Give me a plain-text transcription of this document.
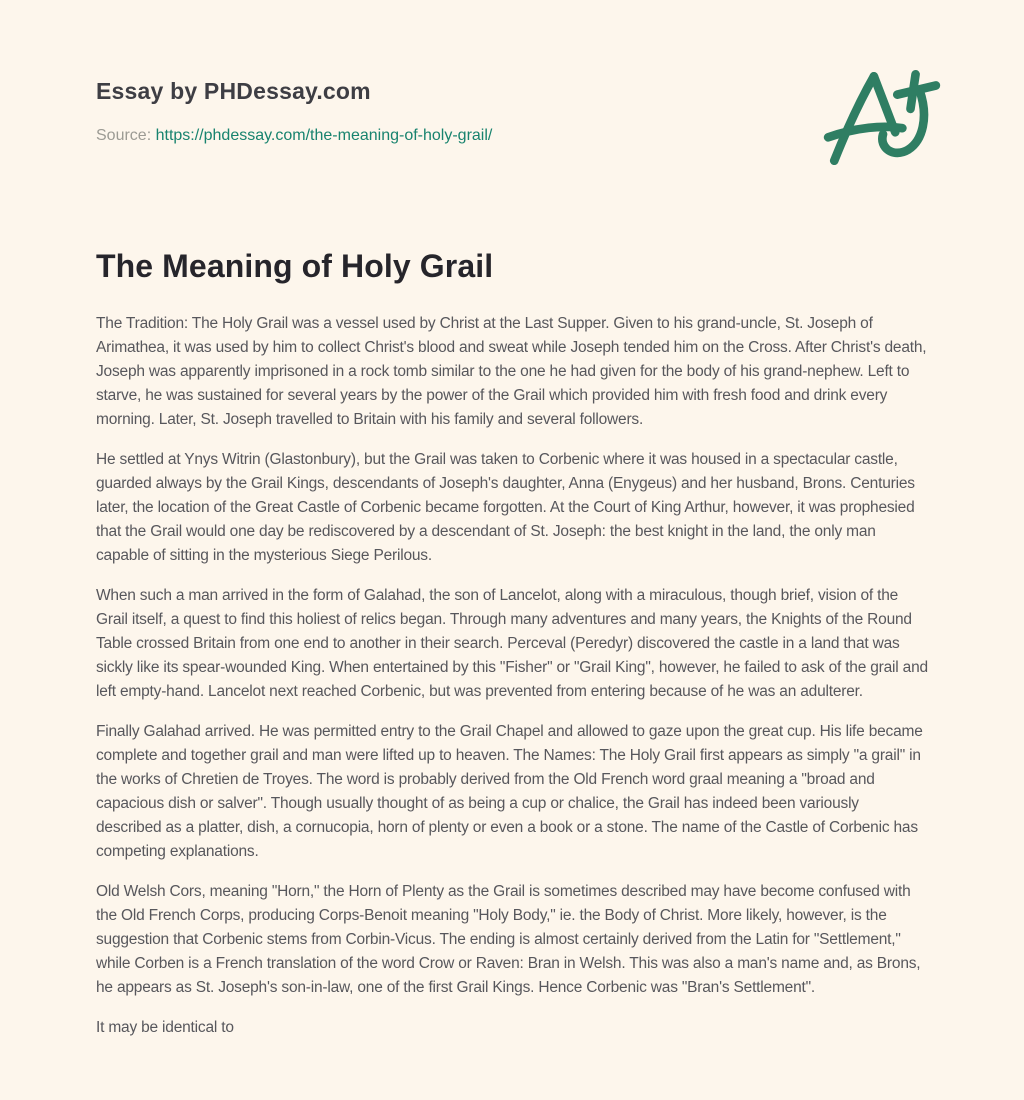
Essay by PHDessay.com
Source: https://phdessay.com/the-meaning-of-holy-grail/
The Meaning of Holy Grail

The Tradition: The Holy Grail was a vessel used by Christ at the Last Supper. Given to his grand-uncle, St. Joseph of Arimathea, it was used by him to collect Christ's blood and sweat while Joseph tended him on the Cross. After Christ's death, Joseph was apparently imprisoned in a rock tomb similar to the one he had given for the body of his grand-nephew. Left to starve, he was sustained for several years by the power of the Grail which provided him with fresh food and drink every morning. Later, St. Joseph travelled to Britain with his family and several followers.

He settled at Ynys Witrin (Glastonbury), but the Grail was taken to Corbenic where it was housed in a spectacular castle, guarded always by the Grail Kings, descendants of Joseph's daughter, Anna (Enygeus) and her husband, Brons. Centuries later, the location of the Great Castle of Corbenic became forgotten. At the Court of King Arthur, however, it was prophesied that the Grail would one day be rediscovered by a descendant of St. Joseph: the best knight in the land, the only man capable of sitting in the mysterious Siege Perilous.

When such a man arrived in the form of Galahad, the son of Lancelot, along with a miraculous, though brief, vision of the Grail itself, a quest to find this holiest of relics began. Through many adventures and many years, the Knights of the Round Table crossed Britain from one end to another in their search. Perceval (Peredyr) discovered the castle in a land that was sickly like its spear-wounded King. When entertained by this "Fisher" or "Grail King", however, he failed to ask of the grail and left empty-hand. Lancelot next reached Corbenic, but was prevented from entering because of he was an adulterer.

Finally Galahad arrived. He was permitted entry to the Grail Chapel and allowed to gaze upon the great cup. His life became complete and together grail and man were lifted up to heaven. The Names: The Holy Grail first appears as simply "a grail" in the works of Chretien de Troyes. The word is probably derived from the Old French word graal meaning a "broad and capacious dish or salver". Though usually thought of as being a cup or chalice, the Grail has indeed been variously described as a platter, dish, a cornucopia, horn of plenty or even a book or a stone. The name of the Castle of Corbenic has competing explanations.

Old Welsh Cors, meaning "Horn," the Horn of Plenty as the Grail is sometimes described may have become confused with the Old French Corps, producing Corps-Benoit meaning "Holy Body," ie. the Body of Christ. More likely, however, is the suggestion that Corbenic stems from Corbin-Vicus. The ending is almost certainly derived from the Latin for "Settlement," while Corben is a French translation of the word Crow or Raven: Bran in Welsh. This was also a man's name and, as Brons, he appears as St. Joseph's son-in-law, one of the first Grail Kings. Hence Corbenic was "Bran's Settlement".

It may be identical to
